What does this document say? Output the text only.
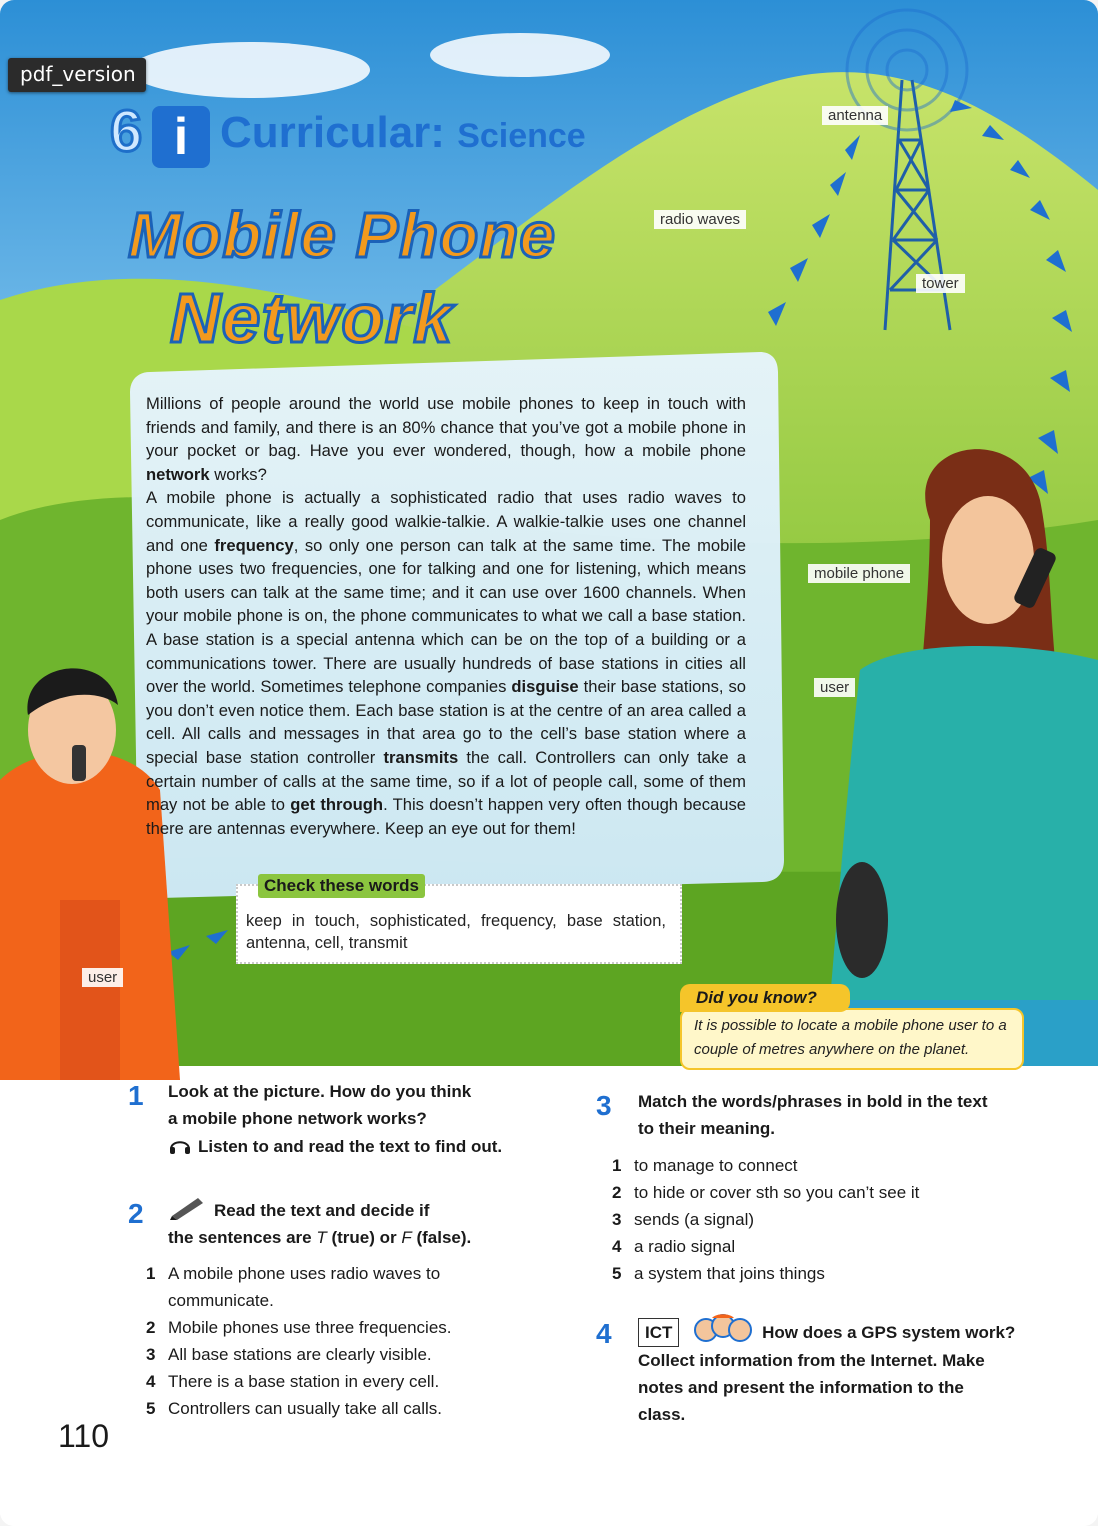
pdf_version
6 i Curricular: Science
Mobile Phone
Network
antenna
radio waves
tower
mobile phone
user
user

Millions of people around the world use mobile phones to keep in touch with friends and family, and there is an 80% chance that you’ve got a mobile phone in your pocket or bag. Have you ever wondered, though, how a mobile phone network works?

A mobile phone is actually a sophisticated radio that uses radio waves to communicate, like a really good walkie-talkie. A walkie-talkie uses one channel and one frequency, so only one person can talk at the same time. The mobile phone uses two frequencies, one for talking and one for listening, which means both users can talk at the same time; and it can use over 1600 channels. When your mobile phone is on, the phone communicates to what we call a base station. A base station is a special antenna which can be on the top of a building or a communications tower. There are usually hundreds of base stations in cities all over the world. Sometimes telephone companies disguise their base stations, so you don’t even notice them. Each base station is at the centre of an area called a cell. All calls and messages in that area go to the cell’s base station where a special base station controller transmits the call. Controllers can only take a certain number of calls at the same time, so if a lot of people call, some of them may not be able to get through. This doesn’t happen very often though because there are antennas everywhere. Keep an eye out for them!

Check these words
keep in touch, sophisticated, frequency, base station, antenna, cell, transmit
Did you know?
It is possible to locate a mobile phone user to a couple of metres anywhere on the planet.
1 Look at the picture. How do you think
a mobile phone network works?
Listen to and read the text to find out.
2	Read the text and decide if
the sentences are T (true) or F (false).
1 A mobile phone uses radio waves to
communicate.
2 Mobile phones use three frequencies.
3 All base stations are clearly visible.
4 There is a base station in every cell.
5 Controllers can usually take all calls.
110
3 Match the words/phrases in bold in the text
to their meaning.
1 to manage to connect
2 to hide or cover sth so you can’t see it
3 sends (a signal)
4 a radio signal
5 a system that joins things
4	ICT	How does a GPS system work?
Collect information from the Internet. Make
notes and present the information to the
class.
